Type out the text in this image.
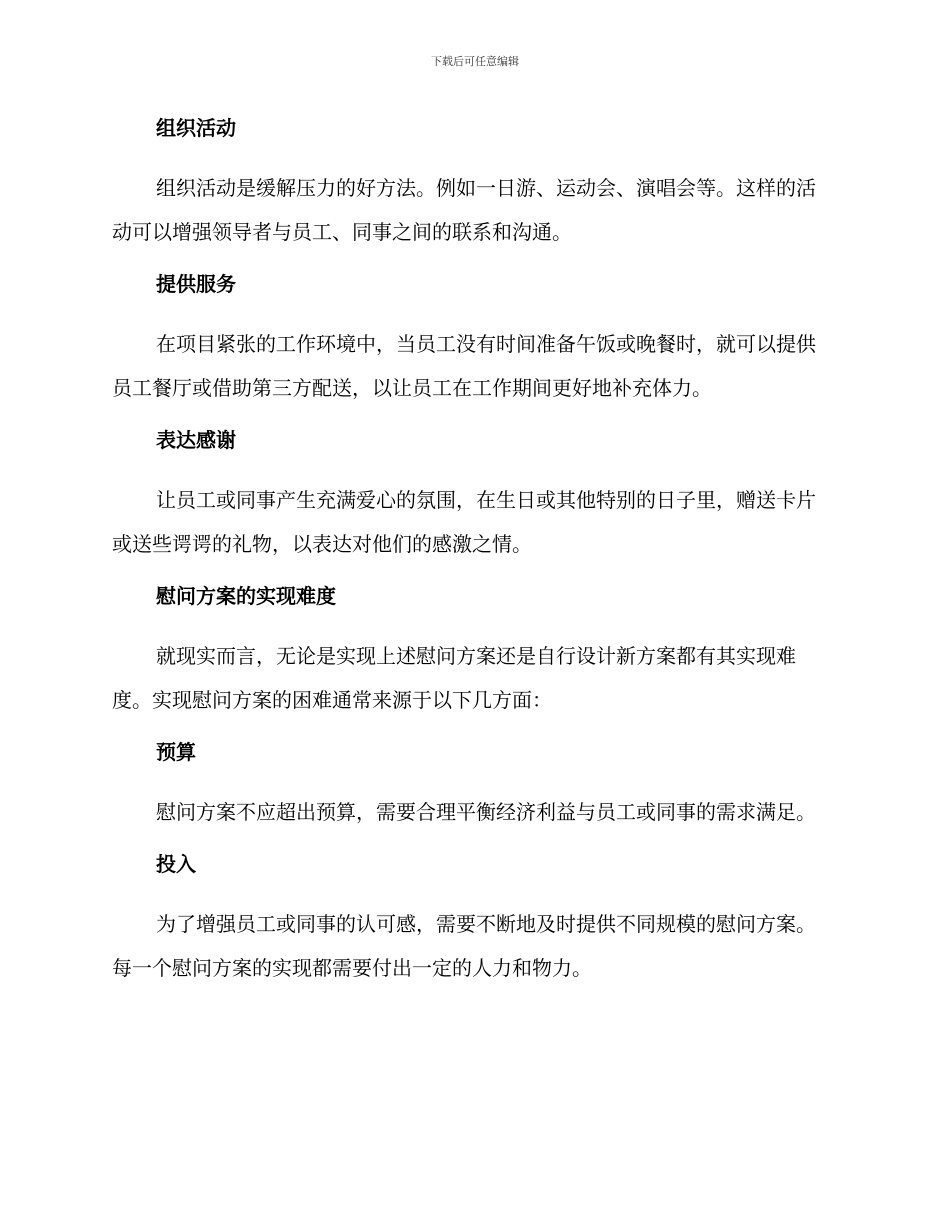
下载后可任意编辑
组织活动
组织活动是缓解压力的好方法。例如一日游、运动会、演唱会等。这样的活动可以增强领导者与员工、同事之间的联系和沟通。
提供服务
在项目紧张的工作环境中，当员工没有时间准备午饭或晚餐时，就可以提供员工餐厅或借助第三方配送，以让员工在工作期间更好地补充体力。
表达感谢
让员工或同事产生充满爱心的氛围，在生日或其他特别的日子里，赠送卡片或送些谔谔的礼物，以表达对他们的感激之情。
慰问方案的实现难度
就现实而言，无论是实现上述慰问方案还是自行设计新方案都有其实现难度。实现慰问方案的困难通常来源于以下几方面：
预算
慰问方案不应超出预算，需要合理平衡经济利益与员工或同事的需求满足。
投入
为了增强员工或同事的认可感，需要不断地及时提供不同规模的慰问方案。每一个慰问方案的实现都需要付出一定的人力和物力。
